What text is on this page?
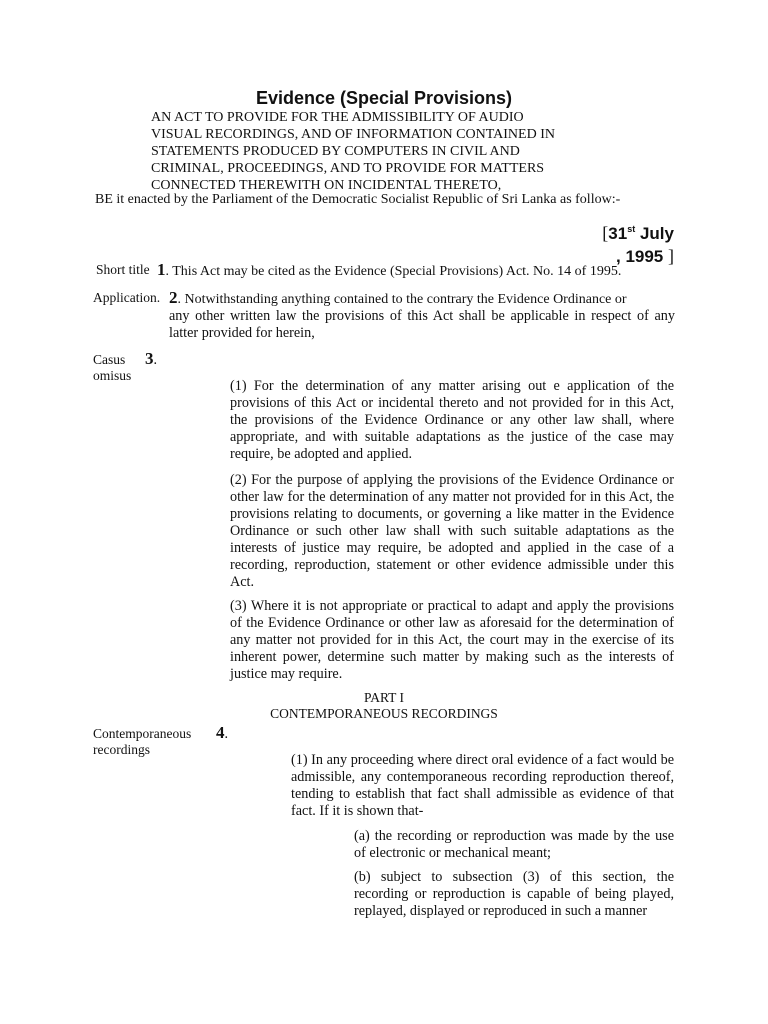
Evidence (Special Provisions)
AN ACT TO PROVIDE FOR THE ADMISSIBILITY OF AUDIO
VISUAL RECORDINGS, AND OF INFORMATION CONTAINED IN
STATEMENTS PRODUCED BY COMPUTERS IN CIVIL AND
CRIMINAL, PROCEEDINGS, AND TO PROVIDE FOR MATTERS
CONNECTED THEREWITH ON INCIDENTAL THERETO,
BE it enacted by the Parliament of the Democratic Socialist Republic of Sri Lanka as follow:-
[31st July
, 1995 ]
Short title 1. This Act may be cited as the Evidence (Special Provisions) Act. No. 14 of 1995.
Application. 2. Notwithstanding anything contained to the contrary the Evidence Ordinance or
any other written law the provisions of this Act shall be applicable in respect of any latter provided for herein,
Casus
omisus
3.
(1) For the determination of any matter arising out e application of the provisions of this Act or incidental thereto and not provided for in this Act, the provisions of the Evidence Ordinance or any other law shall, where appropriate, and with suitable adaptations as the justice of the case may require, be adopted and applied.
(2) For the purpose of applying the provisions of the Evidence Ordinance or other law for the determination of any matter not provided for in this Act, the provisions relating to documents, or governing a like matter in the Evidence Ordinance or such other law shall with such suitable adaptations as the interests of justice may require, be adopted and applied in the case of a recording, reproduction, statement or other evidence admissible under this Act.
(3) Where it is not appropriate or practical to adapt and apply the provisions of the Evidence Ordinance or other law as aforesaid for the determination of any matter not provided for in this Act, the court may in the exercise of its inherent power, determine such matter by making such as the interests of justice may require.
PART I
CONTEMPORANEOUS RECORDINGS
Contemporaneous
recordings
4.
(1) In any proceeding where direct oral evidence of a fact would be admissible, any contemporaneous recording reproduction thereof, tending to establish that fact shall admissible as evidence of that fact. If it is shown that-
(a) the recording or reproduction was made by the use of electronic or mechanical meant;
(b) subject to subsection (3) of this section, the recording or reproduction is capable of being played, replayed, displayed or reproduced in such a manner
